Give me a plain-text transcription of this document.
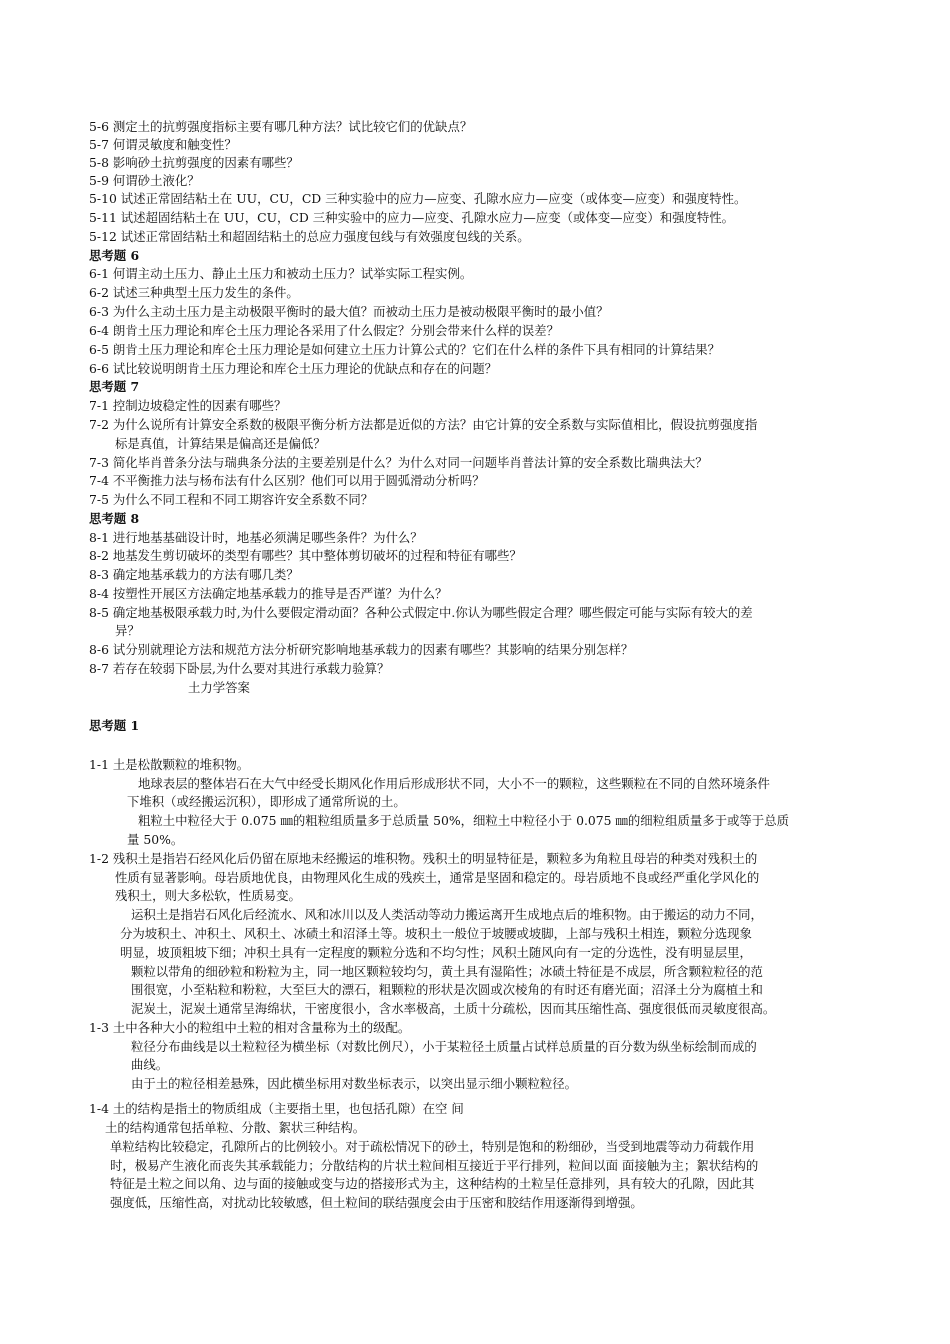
5-6 测定土的抗剪强度指标主要有哪几种方法？试比较它们的优缺点？
5-7 何谓灵敏度和触变性？
5-8 影响砂土抗剪强度的因素有哪些？
5-9 何谓砂土液化？
5-10 试述正常固结粘土在 UU，CU，CD 三种实验中的应力—应变、孔隙水应力—应变（或体变—应变）和强度特性。
5-11 试述超固结粘土在 UU，CU，CD 三种实验中的应力—应变、孔隙水应力—应变（或体变—应变）和强度特性。
5-12 试述正常固结粘土和超固结粘土的总应力强度包线与有效强度包线的关系。
思考题 6
6-1 何谓主动土压力、静止土压力和被动土压力？试举实际工程实例。
6-2 试述三种典型土压力发生的条件。
6-3 为什么主动土压力是主动极限平衡时的最大值？而被动土压力是被动极限平衡时的最小值？
6-4 朗肯土压力理论和库仑土压力理论各采用了什么假定？分别会带来什么样的误差？
6-5 朗肯土压力理论和库仑土压力理论是如何建立土压力计算公式的？它们在什么样的条件下具有相同的计算结果？
6-6 试比较说明朗肯土压力理论和库仑土压力理论的优缺点和存在的问题？
思考题 7
7-1 控制边坡稳定性的因素有哪些？
7-2 为什么说所有计算安全系数的极限平衡分析方法都是近似的方法？由它计算的安全系数与实际值相比，假设抗剪强度指
标是真值，计算结果是偏高还是偏低？
7-3 简化毕肖普条分法与瑞典条分法的主要差别是什么？为什么对同一问题毕肖普法计算的安全系数比瑞典法大？
7-4 不平衡推力法与杨布法有什么区别？他们可以用于圆弧滑动分析吗？
7-5 为什么不同工程和不同工期容许安全系数不同？
思考题 8
8-1 进行地基基础设计时，地基必须满足哪些条件？为什么？
8-2 地基发生剪切破坏的类型有哪些？其中整体剪切破坏的过程和特征有哪些？
8-3 确定地基承载力的方法有哪几类？
8-4 按塑性开展区方法确定地基承载力的推导是否严谨？为什么？
8-5 确定地基极限承载力时,为什么要假定滑动面？各种公式假定中.你认为哪些假定合理？哪些假定可能与实际有较大的差
异？
8-6 试分别就理论方法和规范方法分析研究影响地基承载力的因素有哪些？其影响的结果分别怎样？
8-7 若存在较弱下卧层,为什么要对其进行承载力验算？
土力学答案
思考题 1
1-1 土是松散颗粒的堆积物。
地球表层的整体岩石在大气中经受长期风化作用后形成形状不同，大小不一的颗粒，这些颗粒在不同的自然环境条件
下堆积（或经搬运沉积），即形成了通常所说的土。
粗粒土中粒径大于 0.075 ㎜的粗粒组质量多于总质量 50%，细粒土中粒径小于 0.075 ㎜的细粒组质量多于或等于总质
量 50%。
1-2 残积土是指岩石经风化后仍留在原地未经搬运的堆积物。残积土的明显特征是，颗粒多为角粒且母岩的种类对残积土的
性质有显著影响。母岩质地优良，由物理风化生成的残疾土，通常是坚固和稳定的。母岩质地不良或经严重化学风化的
残积土，则大多松软，性质易变。
运积土是指岩石风化后经流水、风和冰川以及人类活动等动力搬运离开生成地点后的堆积物。由于搬运的动力不同，
分为坡积土、冲积土、风积土、冰碛土和沼泽土等。坡积土一般位于坡腰或坡脚，上部与残积土相连，颗粒分选现象
明显，坡顶粗坡下细；冲积土具有一定程度的颗粒分选和不均匀性；风积土随风向有一定的分选性，没有明显层里，
颗粒以带角的细砂粒和粉粒为主，同一地区颗粒较均匀，黄土具有湿陷性；冰碛土特征是不成层，所含颗粒粒径的范
围很宽，小至粘粒和粉粒，大至巨大的漂石，粗颗粒的形状是次圆或次棱角的有时还有磨光面；沼泽土分为腐植土和
泥炭土，泥炭土通常呈海绵状，干密度很小，含水率极高，土质十分疏松，因而其压缩性高、强度很低而灵敏度很高。
1-3 土中各种大小的粒组中土粒的相对含量称为土的级配。
粒径分布曲线是以土粒粒径为横坐标（对数比例尺），小于某粒径土质量占试样总质量的百分数为纵坐标绘制而成的
曲线。
由于土的粒径相差悬殊，因此横坐标用对数坐标表示，以突出显示细小颗粒粒径。
1-4 土的结构是指土的物质组成（主要指土里，也包括孔隙）在空 间
土的结构通常包括单粒、分散、絮状三种结构。
单粒结构比较稳定，孔隙所占的比例较小。对于疏松情况下的砂土，特别是饱和的粉细砂，当受到地震等动力荷载作用
时，极易产生液化而丧失其承载能力；分散结构的片状土粒间相互接近于平行排列，粒间以面 面接触为主；絮状结构的
特征是土粒之间以角、边与面的接触或变与边的搭接形式为主，这种结构的土粒呈任意排列，具有较大的孔隙，因此其
强度低，压缩性高，对扰动比较敏感，但土粒间的联结强度会由于压密和胶结作用逐渐得到增强。
